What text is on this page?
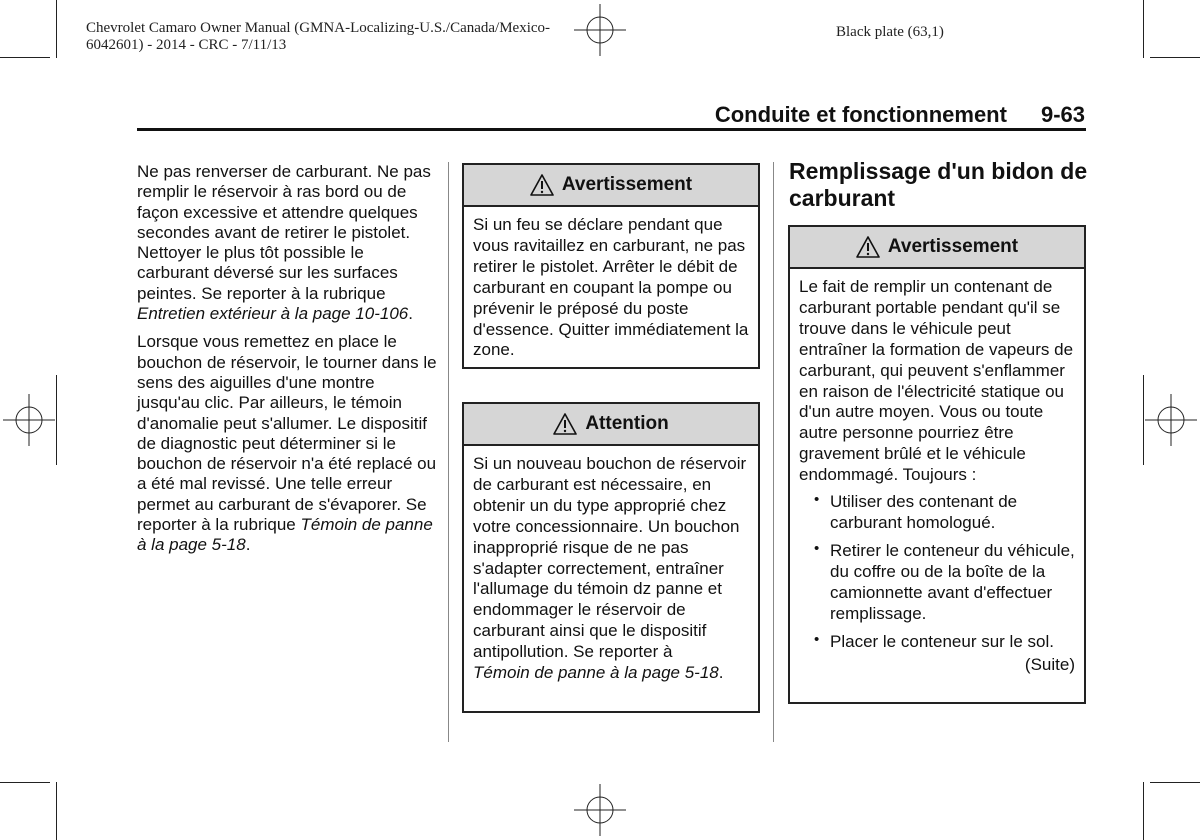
Chevrolet Camaro Owner Manual (GMNA-Localizing-U.S./Canada/Mexico-
6042601) - 2014 - CRC - 7/11/13
Black plate (63,1)
Conduite et fonctionnement 9-63

Ne pas renverser de carburant. Ne pas remplir le réservoir à ras bord ou de façon excessive et attendre quelques secondes avant de retirer le pistolet. Nettoyer le plus tôt possible le carburant déversé sur les surfaces peintes. Se reporter à la rubrique Entretien extérieur à la page 10-106.

Lorsque vous remettez en place le bouchon de réservoir, le tourner dans le sens des aiguilles d'une montre jusqu'au clic. Par ailleurs, le témoin d'anomalie peut s'allumer. Le dispositif de diagnostic peut déterminer si le bouchon de réservoir n'a été replacé ou a été mal revissé. Une telle erreur permet au carburant de s'évaporer. Se reporter à la rubrique Témoin de panne à la page 5-18.

Avertissement
Si un feu se déclare pendant que vous ravitaillez en carburant, ne pas retirer le pistolet. Arrêter le débit de carburant en coupant la pompe ou prévenir le préposé du poste d'essence. Quitter immédiatement la zone.
Attention
Si un nouveau bouchon de réservoir de carburant est nécessaire, en obtenir un du type approprié chez votre concessionnaire. Un bouchon inapproprié risque de ne pas s'adapter correctement, entraîner l'allumage du témoin dz panne et endommager le réservoir de carburant ainsi que le dispositif antipollution. Se reporter à
Témoin de panne à la page 5-18.
Remplissage d'un bidon de carburant
Avertissement
Le fait de remplir un contenant de carburant portable pendant qu'il se trouve dans le véhicule peut entraîner la formation de vapeurs de carburant, qui peuvent s'enflammer en raison de l'électricité statique ou d'un autre moyen. Vous ou toute autre personne pourriez être gravement brûlé et le véhicule endommagé. Toujours :
• Utiliser des contenant de carburant homologué.
• Retirer le conteneur du véhicule, du coffre ou de la boîte de la camionnette avant d'effectuer remplissage.
• Placer le conteneur sur le sol.
(Suite)
